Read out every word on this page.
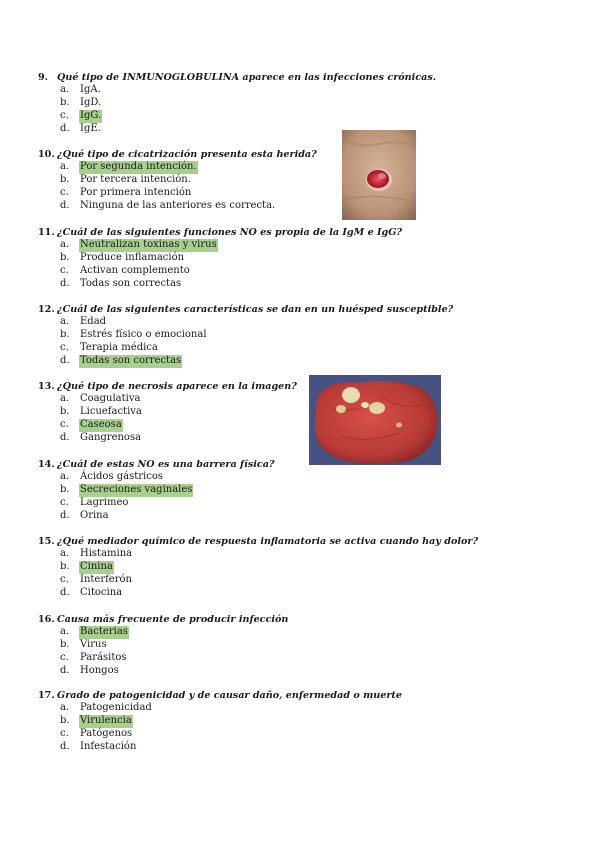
9. Qué tipo de INMUNOGLOBULINA aparece en las infecciones crónicas.
a. IgA.
b. IgD.
c. IgG.
d. IgE.
10. ¿Qué tipo de cicatrización presenta esta herida?
a. Por segunda intención.
b. Por tercera intención.
c. Por primera intención
d. Ninguna de las anteriores es correcta.
11. ¿Cuál de las siguientes funciones NO es propia de la IgM e IgG?
a. Neutralizan toxinas y virus
b. Produce inflamación
c. Activan complemento
d. Todas son correctas
12. ¿Cuál de las siguientes características se dan en un huésped susceptible?
a. Edad
b. Estrés físico o emocional
c. Terapia médica
d. Todas son correctas
13. ¿Qué tipo de necrosis aparece en la imagen?
a. Coagulativa
b. Licuefactiva
c. Caseosa
d. Gangrenosa
14. ¿Cuál de estas NO es una barrera física?
a. Ácidos gástricos
b. Secreciones vaginales
c. Lagrimeo
d. Orina
15. ¿Qué mediador químico de respuesta inflamatoria se activa cuando hay dolor?
a. Histamina
b. Cinina
c. Interferón
d. Citocina
16. Causa más frecuente de producir infección
a. Bacterias
b. Virus
c. Parásitos
d. Hongos
17. Grado de patogenicidad y de causar daño, enfermedad o muerte
a. Patogenicidad
b. Virulencia
c. Patógenos
d. Infestación
